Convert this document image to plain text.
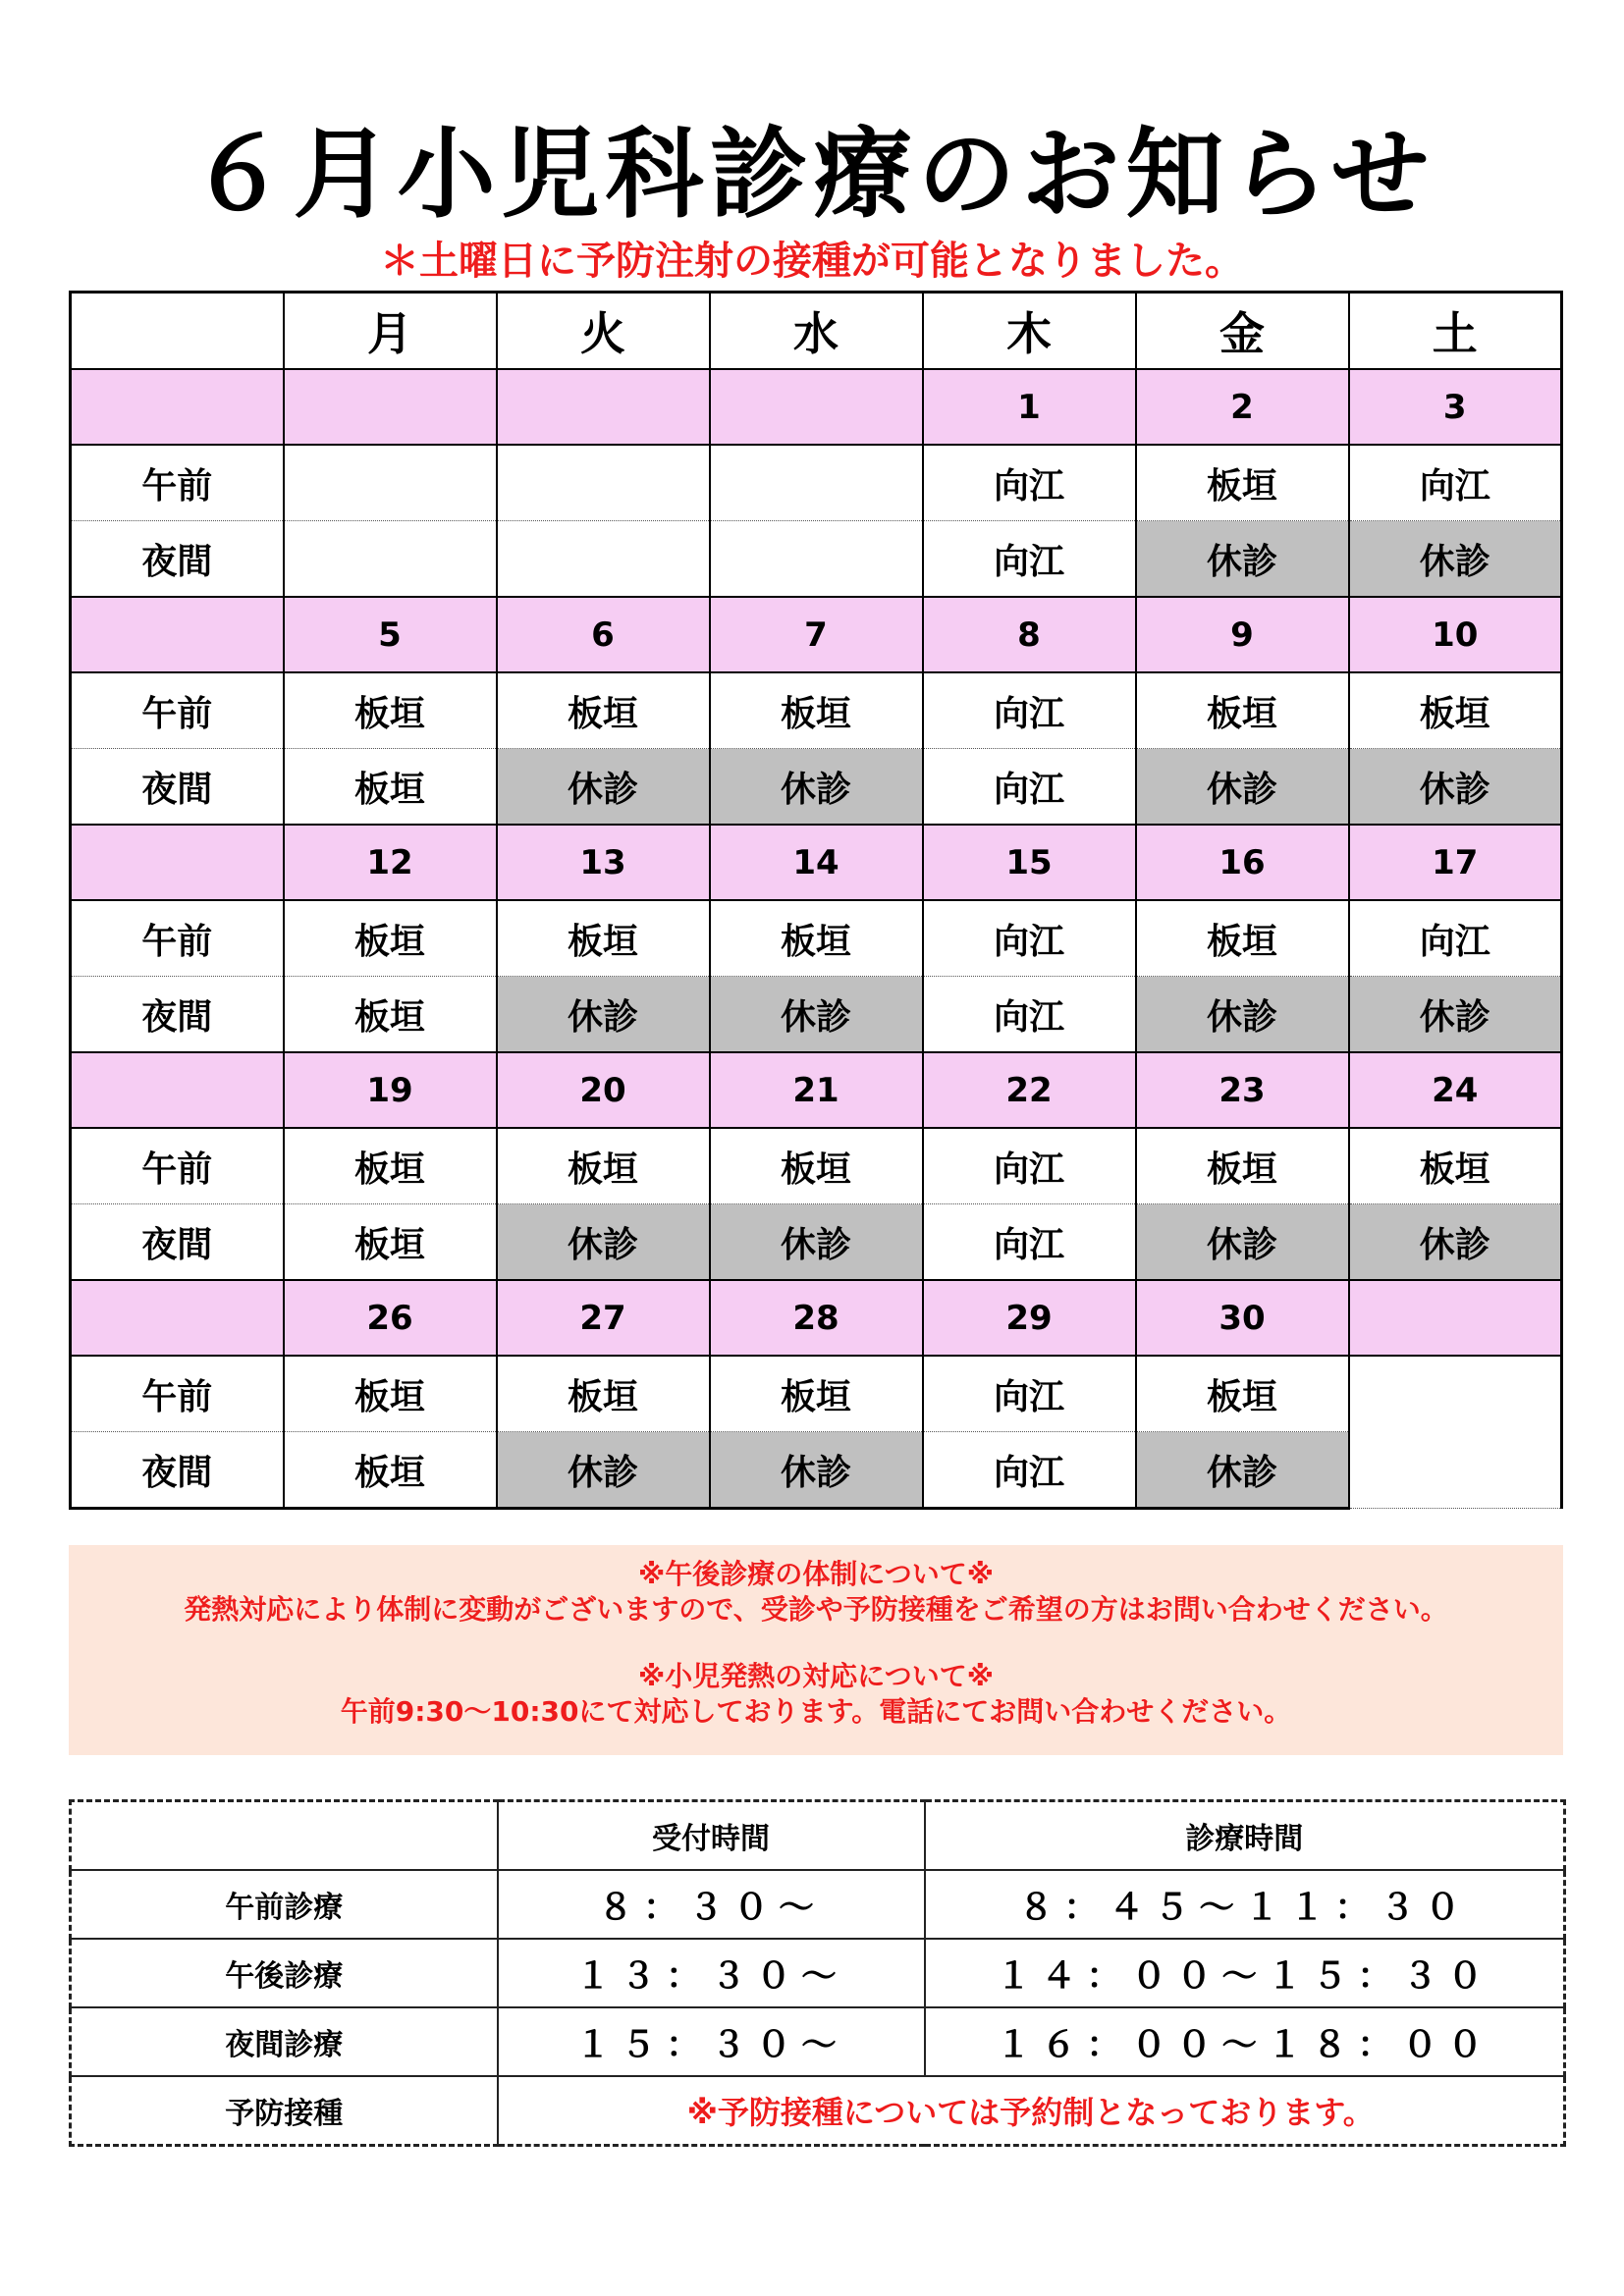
６月小児科診療のお知らせ
＊土曜日に予防注射の接種が可能となりました。
	月	火	水	木	金	土
				1	2	3
午前				向江	板垣	向江
夜間				向江	休診	休診
	5	6	7	8	9	10
午前	板垣	板垣	板垣	向江	板垣	板垣
夜間	板垣	休診	休診	向江	休診	休診
	12	13	14	15	16	17
午前	板垣	板垣	板垣	向江	板垣	向江
夜間	板垣	休診	休診	向江	休診	休診
	19	20	21	22	23	24
午前	板垣	板垣	板垣	向江	板垣	板垣
夜間	板垣	休診	休診	向江	休診	休診
	26	27	28	29	30	
午前	板垣	板垣	板垣	向江	板垣	
夜間	板垣	休診	休診	向江	休診	
※午後診療の体制について※
発熱対応により体制に変動がございますので、受診や予防接種をご希望の方はお問い合わせください。
※小児発熱の対応について※
午前9:30～10:30にて対応しております。電話にてお問い合わせください。
	受付時間	診療時間
午前診療	８：３０～	８：４５～１１：３０
午後診療	１３：３０～	１４：００～１５：３０
夜間診療	１５：３０～	１６：００～１８：００
予防接種	※予防接種については予約制となっております。	
